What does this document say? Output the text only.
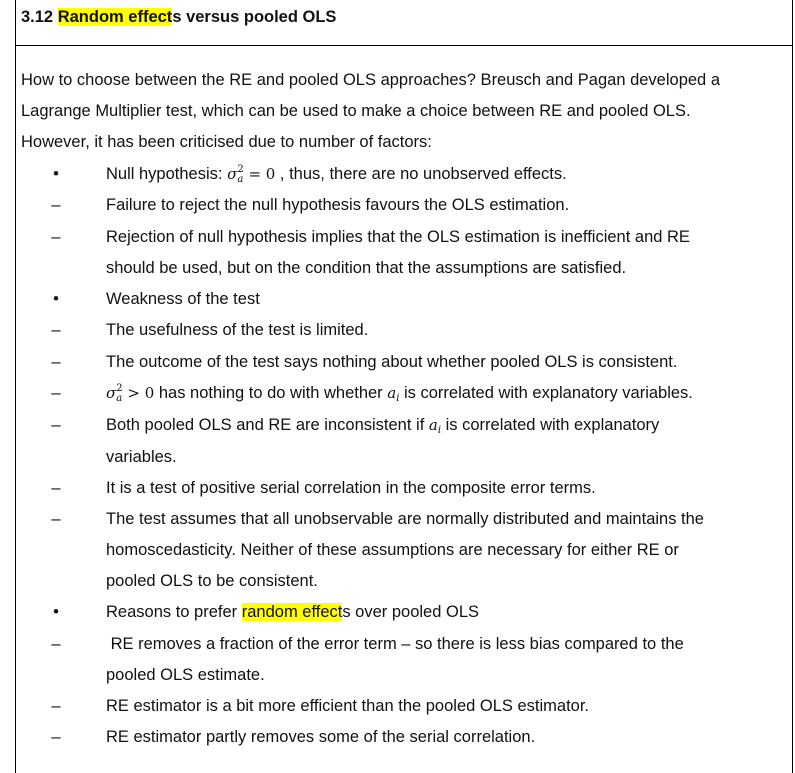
3.12 Random effects versus pooled OLS
How to choose between the RE and pooled OLS approaches? Breusch and Pagan developed a
Lagrange Multiplier test, which can be used to make a choice between RE and pooled OLS.
However, it has been criticised due to number of factors:
•	Null hypothesis: σ 2
a = 0 , thus, there are no unobserved effects.
–	Failure to reject the null hypothesis favours the OLS estimation.
–	Rejection of null hypothesis implies that the OLS estimation is inefficient and RE
should be used, but on the condition that the assumptions are satisfied.
•	Weakness of the test
–	The usefulness of the test is limited.
–	The outcome of the test says nothing about whether pooled OLS is consistent.
–	σ 2
a > 0 has nothing to do with whether ai is correlated with explanatory variables.
–	Both pooled OLS and RE are inconsistent if ai is correlated with explanatory
variables.
–	It is a test of positive serial correlation in the composite error terms.
–	The test assumes that all unobservable are normally distributed and maintains the
homoscedasticity. Neither of these assumptions are necessary for either RE or
pooled OLS to be consistent.
•	Reasons to prefer random effects over pooled OLS
–	RE removes a fraction of the error term – so there is less bias compared to the
pooled OLS estimate.
–	RE estimator is a bit more efficient than the pooled OLS estimator.
–	RE estimator partly removes some of the serial correlation.
